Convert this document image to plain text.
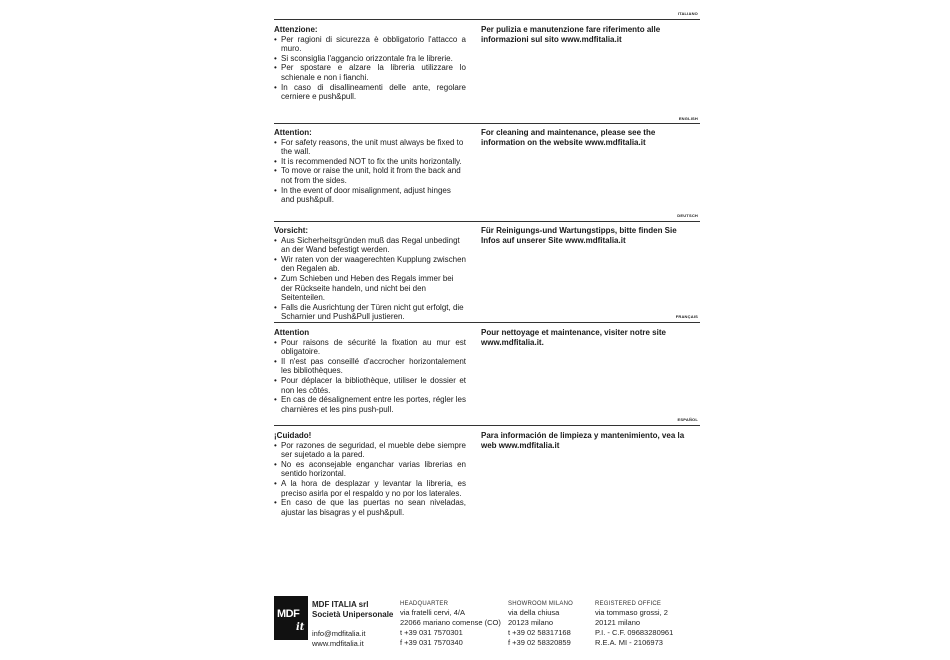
ITALIANO
Attenzione:
• Per ragioni di sicurezza è obbligatorio l'attacco a muro.
• Si sconsiglia l'aggancio orizzontale fra le librerie.
• Per spostare e alzare la libreria utilizzare lo schienale e non i fianchi.
• In caso di disallineamenti delle ante, regolare cerniere e push&pull.
Per pulizia e manutenzione fare riferimento alle informazioni sul sito www.mdfitalia.it
ENGLISH
Attention:
• For safety reasons, the unit must always be fixed to the wall.
• It is recommended NOT to fix the units horizontally.
• To move or raise the unit, hold it from the back and not from the sides.
• In the event of door misalignment, adjust hinges and push&pull.
For cleaning and maintenance, please see the information on the website www.mdfitalia.it
DEUTSCH
Vorsicht:
• Aus Sicherheitsgründen muß das Regal unbedingt an der Wand befestigt werden.
• Wir raten von der waagerechten Kupplung zwischen den Regalen ab.
• Zum Schieben und Heben des Regals immer bei der Rückseite handeln, und nicht bei den Seitenteilen.
• Falls die Ausrichtung der Türen nicht gut erfolgt, die Scharnier und Push&Pull justieren.
Für Reinigungs-und Wartungstipps, bitte finden Sie Infos auf unserer Site www.mdfitalia.it
FRANÇAIS
Attention
• Pour raisons de sécurité la fixation au mur est obligatoire.
• Il n'est pas conseillé d'accrocher horizontalement les bibliothèques.
• Pour déplacer la bibliothèque, utiliser le dossier et non les côtés.
• En cas de désalignement entre les portes, régler les charnières et les pins push-pull.
Pour nettoyage et maintenance, visiter notre site www.mdfitalia.it.
ESPAÑOL
¡Cuidado!
• Por razones de seguridad, el mueble debe siempre ser sujetado a la pared.
• No es aconsejable enganchar varias librerias en sentido horizontal.
• A la hora de desplazar y levantar la libreria, es preciso asirla por el respaldo y no por los laterales.
• En caso de que las puertas no sean niveladas, ajustar las bisagras y el push&pull.
Para información de limpieza y mantenimiento, vea la web www.mdfitalia.it
MDF
it
MDF ITALIA srl
Società Unipersonale
info@mdfitalia.it
www.mdfitalia.it
HEADQUARTER
via fratelli cervi, 4/A
22066 mariano comense (CO)
t +39 031 7570301
f +39 031 7570340
SHOWROOM MILANO
via della chiusa
20123 milano
t +39 02 58317168
f +39 02 58320859
REGISTERED OFFICE
via tommaso grossi, 2
20121 milano
P.I. - C.F. 09683280961
R.E.A. MI - 2106973
